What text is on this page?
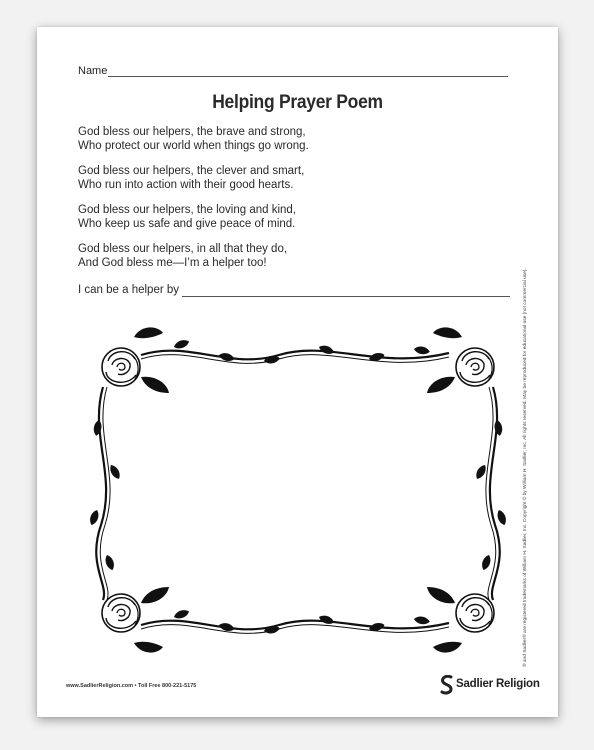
Name
Helping Prayer Poem
God bless our helpers, the brave and strong,
Who protect our world when things go wrong.
God bless our helpers, the clever and smart,
Who run into action with their good hearts.
God bless our helpers, the loving and kind,
Who keep us safe and give peace of mind.
God bless our helpers, in all that they do,
And God bless me—I’m a helper too!
I can be a helper by	® and Sadlier® are registered trademarks of William H. Sadlier, Inc. Copyright © by William H. Sadlier, Inc. All rights reserved. May be reproduced for educational use (not commercial use).
www.SadlierReligion.com • Toll Free 800-221-5175	Sadlier Religion
